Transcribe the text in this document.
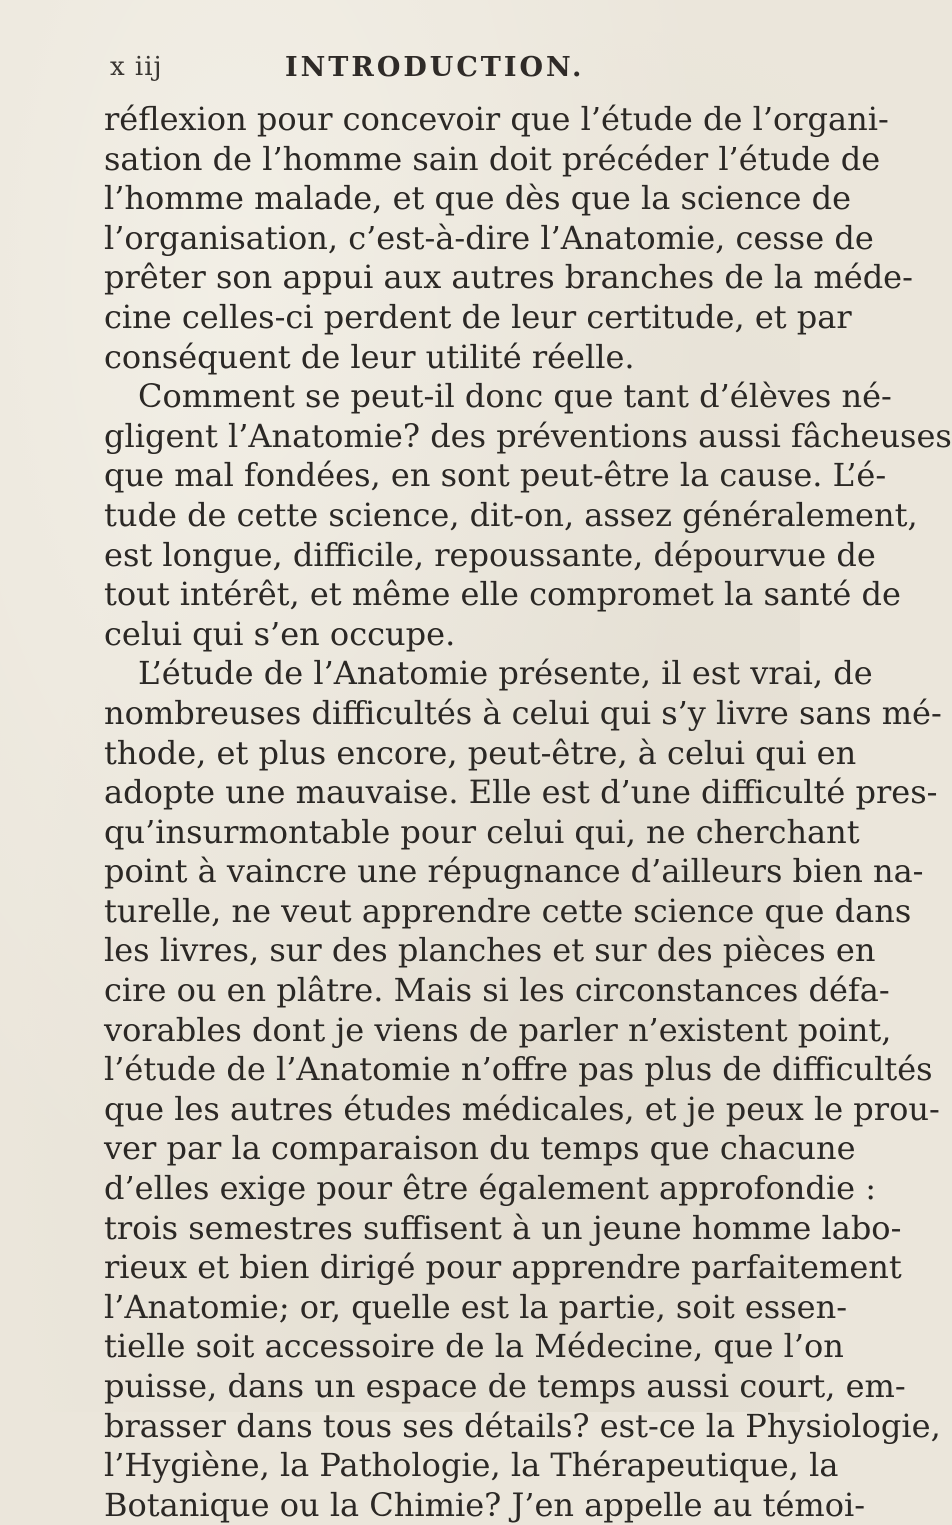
x iij	INTRODUCTION.
réflexion pour concevoir que l’étude de l’organi-
sation de l’homme sain doit précéder l’étude de
l’homme malade, et que dès que la science de
l’organisation, c’est-à-dire l’Anatomie, cesse de
prêter son appui aux autres branches de la méde-
cine celles-ci perdent de leur certitude, et par
conséquent de leur utilité réelle.
Comment se peut-il donc que tant d’élèves né-
gligent l’Anatomie? des préventions aussi fâcheuses
que mal fondées, en sont peut-être la cause. L’é-
tude de cette science, dit-on, assez généralement,
est longue, difficile, repoussante, dépourvue de
tout intérêt, et même elle compromet la santé de
celui qui s’en occupe.
L’étude de l’Anatomie présente, il est vrai, de
nombreuses difficultés à celui qui s’y livre sans mé-
thode, et plus encore, peut-être, à celui qui en
adopte une mauvaise. Elle est d’une difficulté pres-
qu’insurmontable pour celui qui, ne cherchant
point à vaincre une répugnance d’ailleurs bien na-
turelle, ne veut apprendre cette science que dans
les livres, sur des planches et sur des pièces en
cire ou en plâtre. Mais si les circonstances défa-
vorables dont je viens de parler n’existent point,
l’étude de l’Anatomie n’offre pas plus de difficultés
que les autres études médicales, et je peux le prou-
ver par la comparaison du temps que chacune
d’elles exige pour être également approfondie :
trois semestres suffisent à un jeune homme labo-
rieux et bien dirigé pour apprendre parfaitement
l’Anatomie; or, quelle est la partie, soit essen-
tielle soit accessoire de la Médecine, que l’on
puisse, dans un espace de temps aussi court, em-
brasser dans tous ses détails? est-ce la Physiologie,
l’Hygiène, la Pathologie, la Thérapeutique, la
Botanique ou la Chimie? J’en appelle au témoi-
